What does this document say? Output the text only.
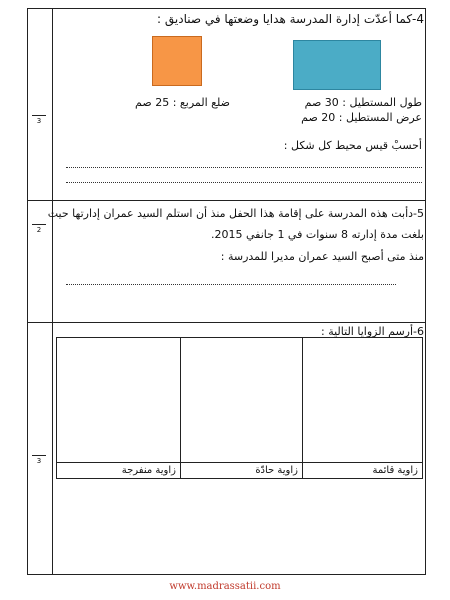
3
2
3
4-كما أعدّت إدارة المدرسة هدايا وضعتها في صناديق :
ضلع المربع : 25 صم	طول المستطيل : 30 صم
عرض المستطيل : 20 صم
أحسبْ قيس محيط كل شكل :
5-دأبت هذه المدرسة على إقامة هذا الحفل منذ أن استلم السيد عمران إدارتها حيث
بلغت مدة إدارته 8 سنوات في 1 جانفي 2015.
منذ متى أصبح السيد عمران مديرا للمدرسة :
6-أرسم الزوايا التالية :
زاوية قائمة
زاوية حادّة
زاوية منفرجة
www.madrassatii.com
